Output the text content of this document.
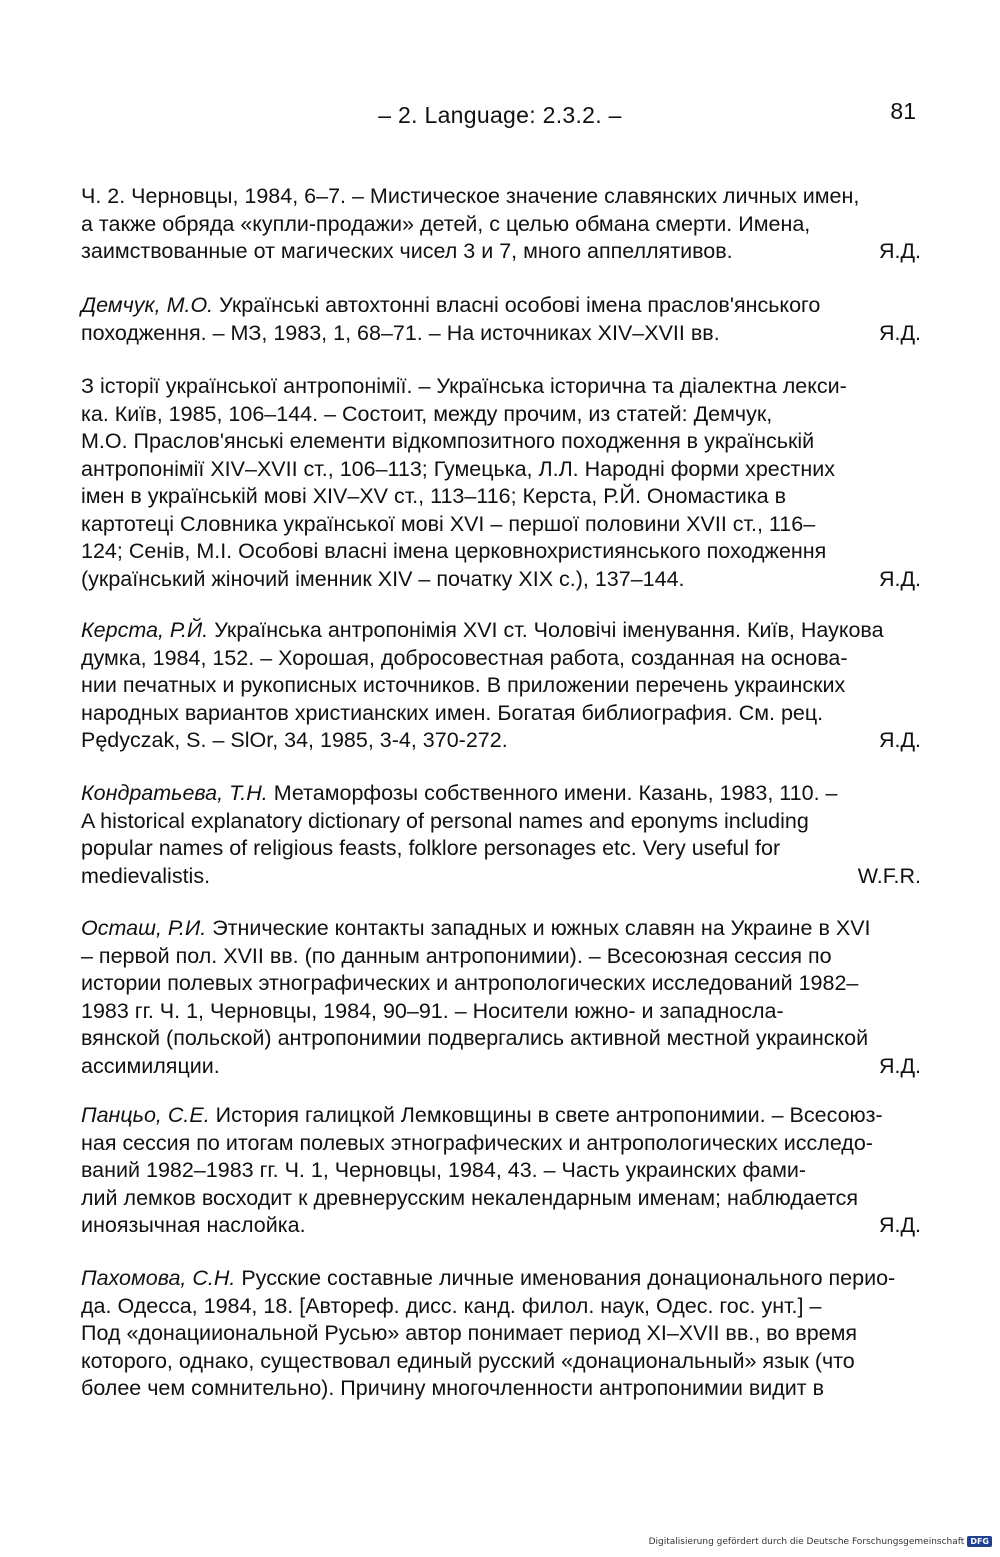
– 2. Language: 2.3.2. –	81
Ч. 2. Черновцы, 1984, 6–7. – Мистическое значение славянских личных имен,
а также обряда «купли-продажи» детей, с целью обмана смерти. Имена,
заимствованные от магических чисел 3 и 7, много аппеллятивов.	Я.Д.
Демчук, М.О. Українські автохтонні власні особові імена праслов'янського
походження. – МЗ, 1983, 1, 68–71. – На источниках XIV–XVII вв.	Я.Д.
З історії української антропонімії. – Українська історична та діалектна лекси-
ка. Київ, 1985, 106–144. – Состоит, между прочим, из статей: Демчук,
М.О. Праслов'янські елементи відкомпозитного походження в українській
антропонімії XIV–XVII ст., 106–113; Гумецька, Л.Л. Народні форми хрестних
імен в українській мові XIV–XV ст., 113–116; Керста, Р.Й. Ономастика в
картотеці Словника української мові XVI – першої половини XVII ст., 116–
124; Сенів, М.І. Особові власні імена церковнохристиянського походження
(український жіночий іменник XIV – початку XIX с.), 137–144.	Я.Д.
Керста, Р.Й. Українська антропонімія XVI ст. Чоловічі іменування. Київ, Наукова
думка, 1984, 152. – Хорошая, добросовестная работа, созданная на основа-
нии печатных и рукописных источников. В приложении перечень украинских
народных вариантов христианских имен. Богатая библиография. См. рец.
Pędyczak, S. – SlOr, 34, 1985, 3-4, 370-272.	Я.Д.
Кондратьева, Т.Н. Метаморфозы собственного имени. Казань, 1983, 110. –
A historical explanatory dictionary of personal names and eponyms including
popular names of religious feasts, folklore personages etc. Very useful for
medievalistis.	W.F.R.
Осташ, Р.И. Этнические контакты западных и южных славян на Украине в XVI
– первой пол. XVII вв. (по данным антропонимии). – Всесоюзная сессия по
истории полевых этнографических и антропологических исследований 1982–
1983 гг. Ч. 1, Черновцы, 1984, 90–91. – Носители южно- и западносла-
вянской (польской) антропонимии подвергались активной местной украинской
ассимиляции.	Я.Д.
Панцьо, С.Е. История галицкой Лемковщины в свете антропонимии. – Всесоюз-
ная сессия по итогам полевых этнографических и антропологических исследо-
ваний 1982–1983 гг. Ч. 1, Черновцы, 1984, 43. – Часть украинских фами-
лий лемков восходит к древнерусским некалендарным именам; наблюдается
иноязычная наслойка.	Я.Д.
Пахомова, С.Н. Русские составные личные именования донационального перио-
да. Одесса, 1984, 18. [Автореф. дисс. канд. филол. наук, Одес. гос. унт.] –
Под «донацииональной Русью» автор понимает период XI–XVII вв., во время
которого, однако, существовал единый русский «донациональный» язык (что
более чем сомнительно). Причину многочленности антропонимии видит в
Digitalisierung gefördert durch die Deutsche Forschungsgemeinschaft DFG
